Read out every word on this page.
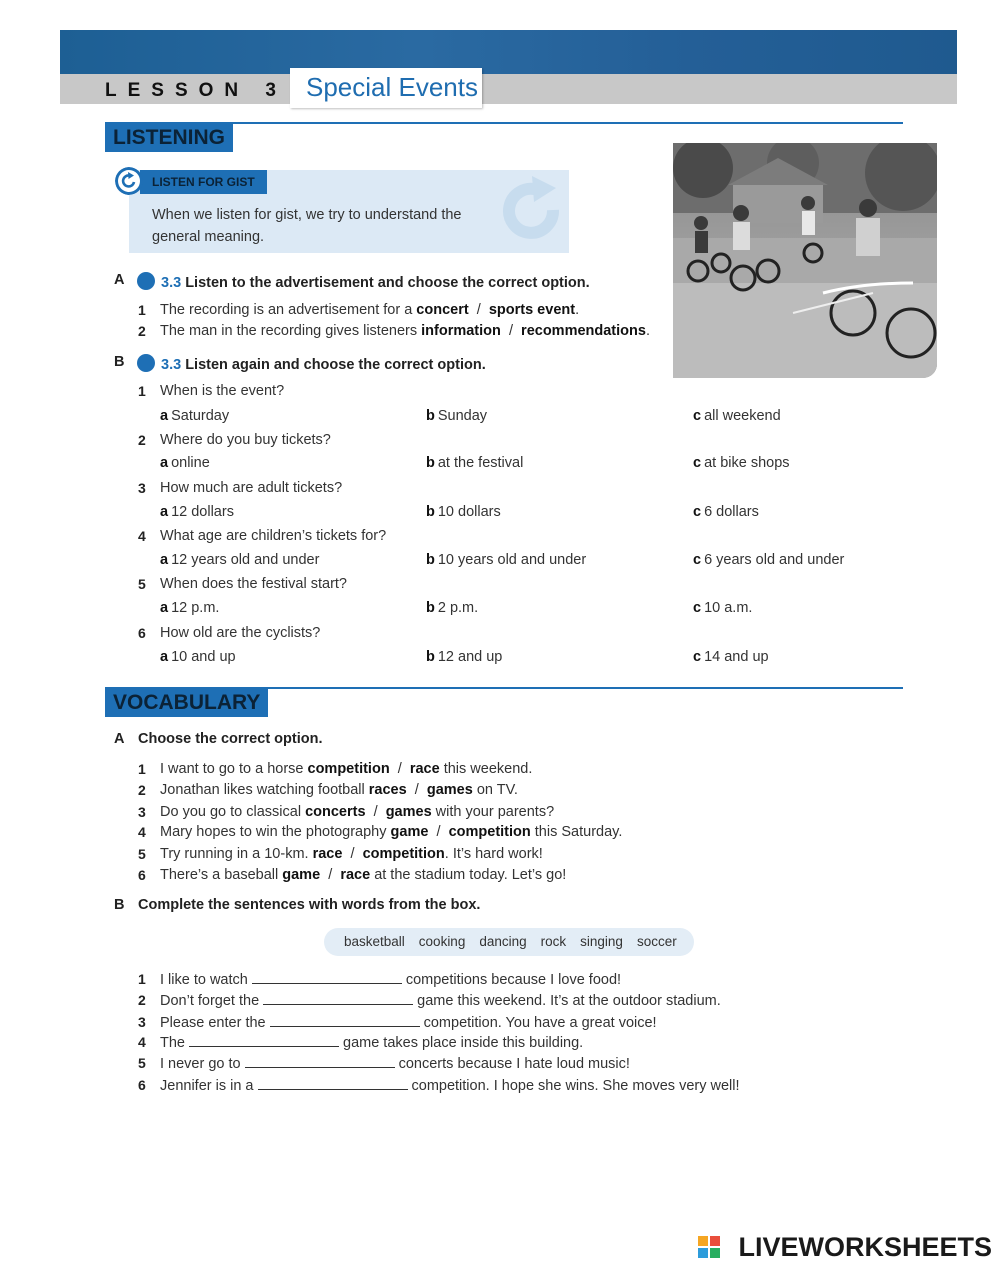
LESSON 3 Special Events
LISTENING
LISTEN FOR GIST
When we listen for gist, we try to understand the
general meaning.
A	3.3 Listen to the advertisement and choose the correct option.
1 The recording is an advertisement for a concert / sports event.
2 The man in the recording gives listeners information / recommendations.
B	3.3 Listen again and choose the correct option.
1 When is the event?
a Saturday	b Sunday	c all weekend
2 Where do you buy tickets?
a online	b at the festival	c at bike shops
3 How much are adult tickets?
a 12 dollars	b 10 dollars	c 6 dollars
4 What age are children’s tickets for?
a 12 years old and under	b 10 years old and under	c 6 years old and under
5 When does the festival start?
a 12 p.m.	b 2 p.m.	c 10 a.m.
6 How old are the cyclists?
a 10 and up	b 12 and up	c 14 and up
VOCABULARY
A Choose the correct option.
1 I want to go to a horse competition / race this weekend.
2 Jonathan likes watching football races / games on TV.
3 Do you go to classical concerts / games with your parents?
4 Mary hopes to win the photography game / competition this Saturday.
5 Try running in a 10-km. race / competition. It’s hard work!
6 There’s a baseball game / race at the stadium today. Let’s go!
B Complete the sentences with words from the box.
basketball cooking dancing rock singing soccer
1 I like to watch	competitions because I love food!
2 Don’t forget the	game this weekend. It’s at the outdoor stadium.
3 Please enter the	competition. You have a great voice!
4 The	game takes place inside this building.
5 I never go to	concerts because I hate loud music!
6 Jennifer is in a	competition. I hope she wins. She moves very well!
LIVEWORKSHEETS
